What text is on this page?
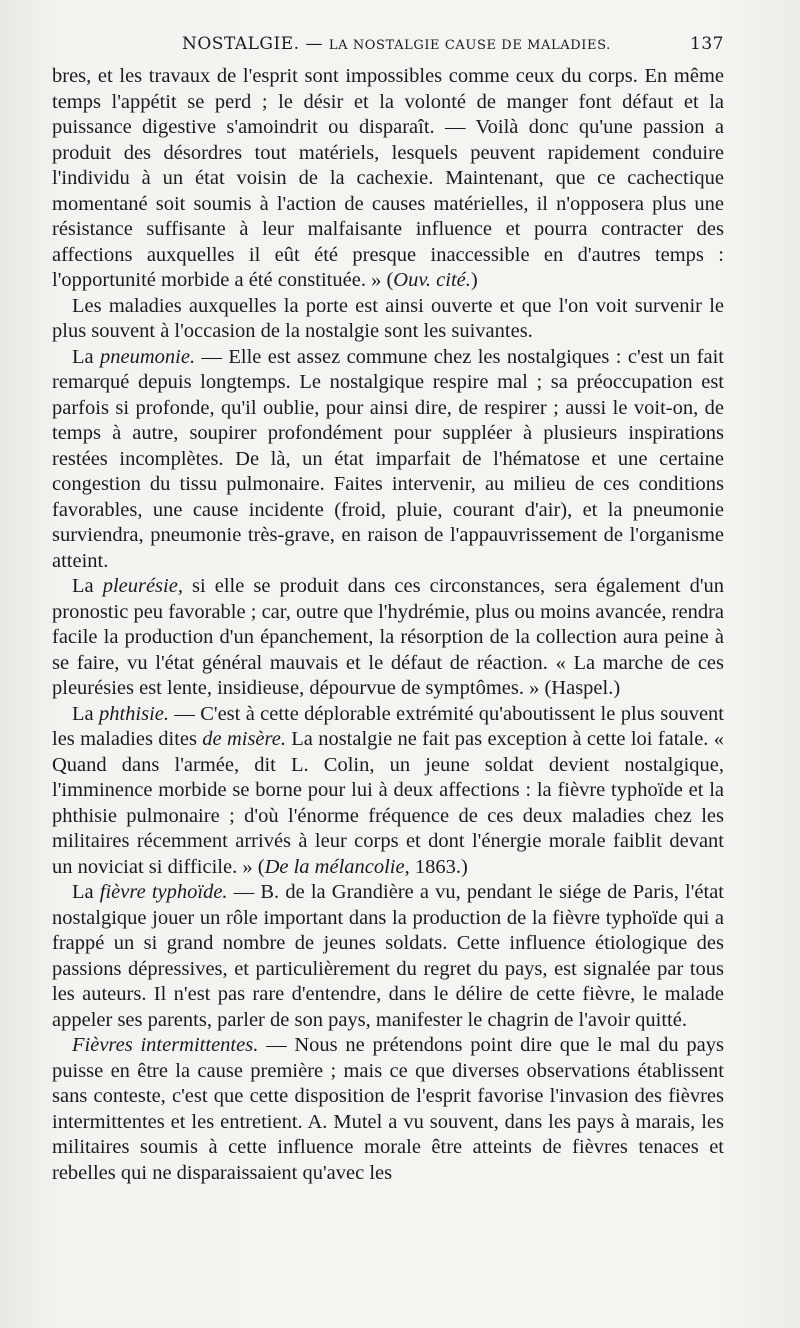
NOSTALGIE. — LA NOSTALGIE CAUSE DE MALADIES.	137

bres, et les travaux de l'esprit sont impossibles comme ceux du corps. En même temps l'appétit se perd ; le désir et la volonté de manger font défaut et la puissance digestive s'amoindrit ou disparaît. — Voilà donc qu'une passion a produit des désordres tout matériels, lesquels peuvent rapidement conduire l'individu à un état voisin de la cachexie. Maintenant, que ce cachectique momentané soit soumis à l'action de causes matérielles, il n'opposera plus une résistance suffisante à leur malfaisante influence et pourra contracter des affections auxquelles il eût été presque inaccessible en d'autres temps : l'opportunité morbide a été constituée. » (Ouv. cité.)

Les maladies auxquelles la porte est ainsi ouverte et que l'on voit survenir le plus souvent à l'occasion de la nostalgie sont les suivantes.

La pneumonie. — Elle est assez commune chez les nostalgiques : c'est un fait remarqué depuis longtemps. Le nostalgique respire mal ; sa préoccupation est parfois si profonde, qu'il oublie, pour ainsi dire, de respirer ; aussi le voit-on, de temps à autre, soupirer profondément pour suppléer à plusieurs inspirations restées incomplètes. De là, un état imparfait de l'hématose et une certaine congestion du tissu pulmonaire. Faites intervenir, au milieu de ces conditions favorables, une cause incidente (froid, pluie, courant d'air), et la pneumonie surviendra, pneumonie très-grave, en raison de l'appauvrissement de l'organisme atteint.

La pleurésie, si elle se produit dans ces circonstances, sera également d'un pronostic peu favorable ; car, outre que l'hydrémie, plus ou moins avancée, rendra facile la production d'un épanchement, la résorption de la collection aura peine à se faire, vu l'état général mauvais et le défaut de réaction. « La marche de ces pleurésies est lente, insidieuse, dépourvue de symptômes. » (Haspel.)

La phthisie. — C'est à cette déplorable extrémité qu'aboutissent le plus souvent les maladies dites de misère. La nostalgie ne fait pas exception à cette loi fatale. « Quand dans l'armée, dit L. Colin, un jeune soldat devient nostalgique, l'imminence morbide se borne pour lui à deux affections : la fièvre typhoïde et la phthisie pulmonaire ; d'où l'énorme fréquence de ces deux maladies chez les militaires récemment arrivés à leur corps et dont l'énergie morale faiblit devant un noviciat si difficile. » (De la mélancolie, 1863.)

La fièvre typhoïde. — B. de la Grandière a vu, pendant le siége de Paris, l'état nostalgique jouer un rôle important dans la production de la fièvre typhoïde qui a frappé un si grand nombre de jeunes soldats. Cette influence étiologique des passions dépressives, et particulièrement du regret du pays, est signalée par tous les auteurs. Il n'est pas rare d'entendre, dans le délire de cette fièvre, le malade appeler ses parents, parler de son pays, manifester le chagrin de l'avoir quitté.

Fièvres intermittentes. — Nous ne prétendons point dire que le mal du pays puisse en être la cause première ; mais ce que diverses observations établissent sans conteste, c'est que cette disposition de l'esprit favorise l'invasion des fièvres intermittentes et les entretient. A. Mutel a vu souvent, dans les pays à marais, les militaires soumis à cette influence morale être atteints de fièvres tenaces et rebelles qui ne disparaissaient qu'avec les
